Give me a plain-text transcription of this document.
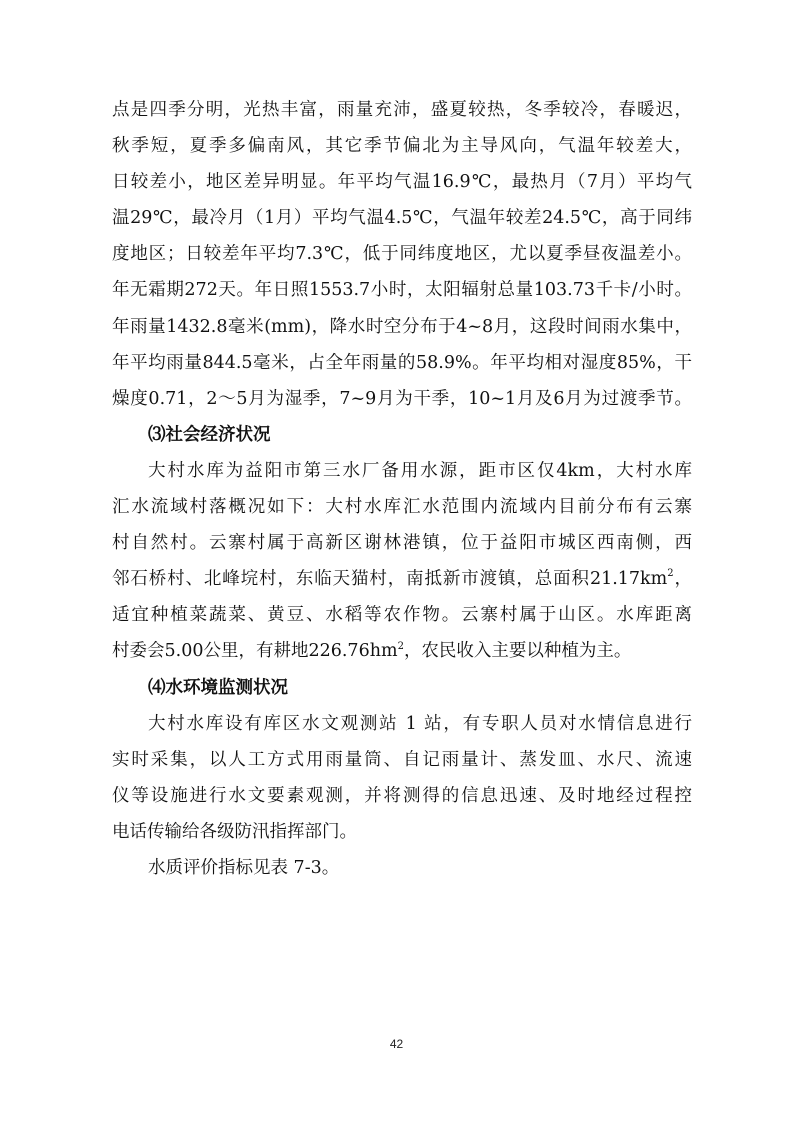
点是四季分明，光热丰富，雨量充沛，盛夏较热，冬季较冷，春暖迟，
秋季短，夏季多偏南风，其它季节偏北为主导风向，气温年较差大，
日较差小，地区差异明显。年平均气温16.9℃，最热月（7月）平均气
温29℃，最冷月（1月）平均气温4.5℃，气温年较差24.5℃，高于同纬
度地区；日较差年平均7.3℃，低于同纬度地区，尤以夏季昼夜温差小。
年无霜期272天。年日照1553.7小时，太阳辐射总量103.73千卡/小时。
年雨量1432.8毫米(mm)，降水时空分布于4~8月，这段时间雨水集中，
年平均雨量844.5毫米，占全年雨量的58.9%。年平均相对湿度85%，干
燥度0.71，2～5月为湿季，7~9月为干季，10~1月及6月为过渡季节。
⑶社会经济状况
大村水库为益阳市第三水厂备用水源，距市区仅4km，大村水库
汇水流域村落概况如下：大村水库汇水范围内流域内目前分布有云寨
村自然村。云寨村属于高新区谢林港镇，位于益阳市城区西南侧，西
邻石桥村、北峰垸村，东临天猫村，南抵新市渡镇，总面积$21.17km^2$，
适宜种植菜蔬菜、黄豆、水稻等农作物。云寨村属于山区。水库距离
村委会5.00公里，有耕地$226.76hm^2$，农民收入主要以种植为主。
⑷水环境监测状况
大村水库设有库区水文观测站 1 站，有专职人员对水情信息进行
实时采集，以人工方式用雨量筒、自记雨量计、蒸发皿、水尺、流速
仪等设施进行水文要素观测，并将测得的信息迅速、及时地经过程控
电话传输给各级防汛指挥部门。
水质评价指标见表 7-3。
42
